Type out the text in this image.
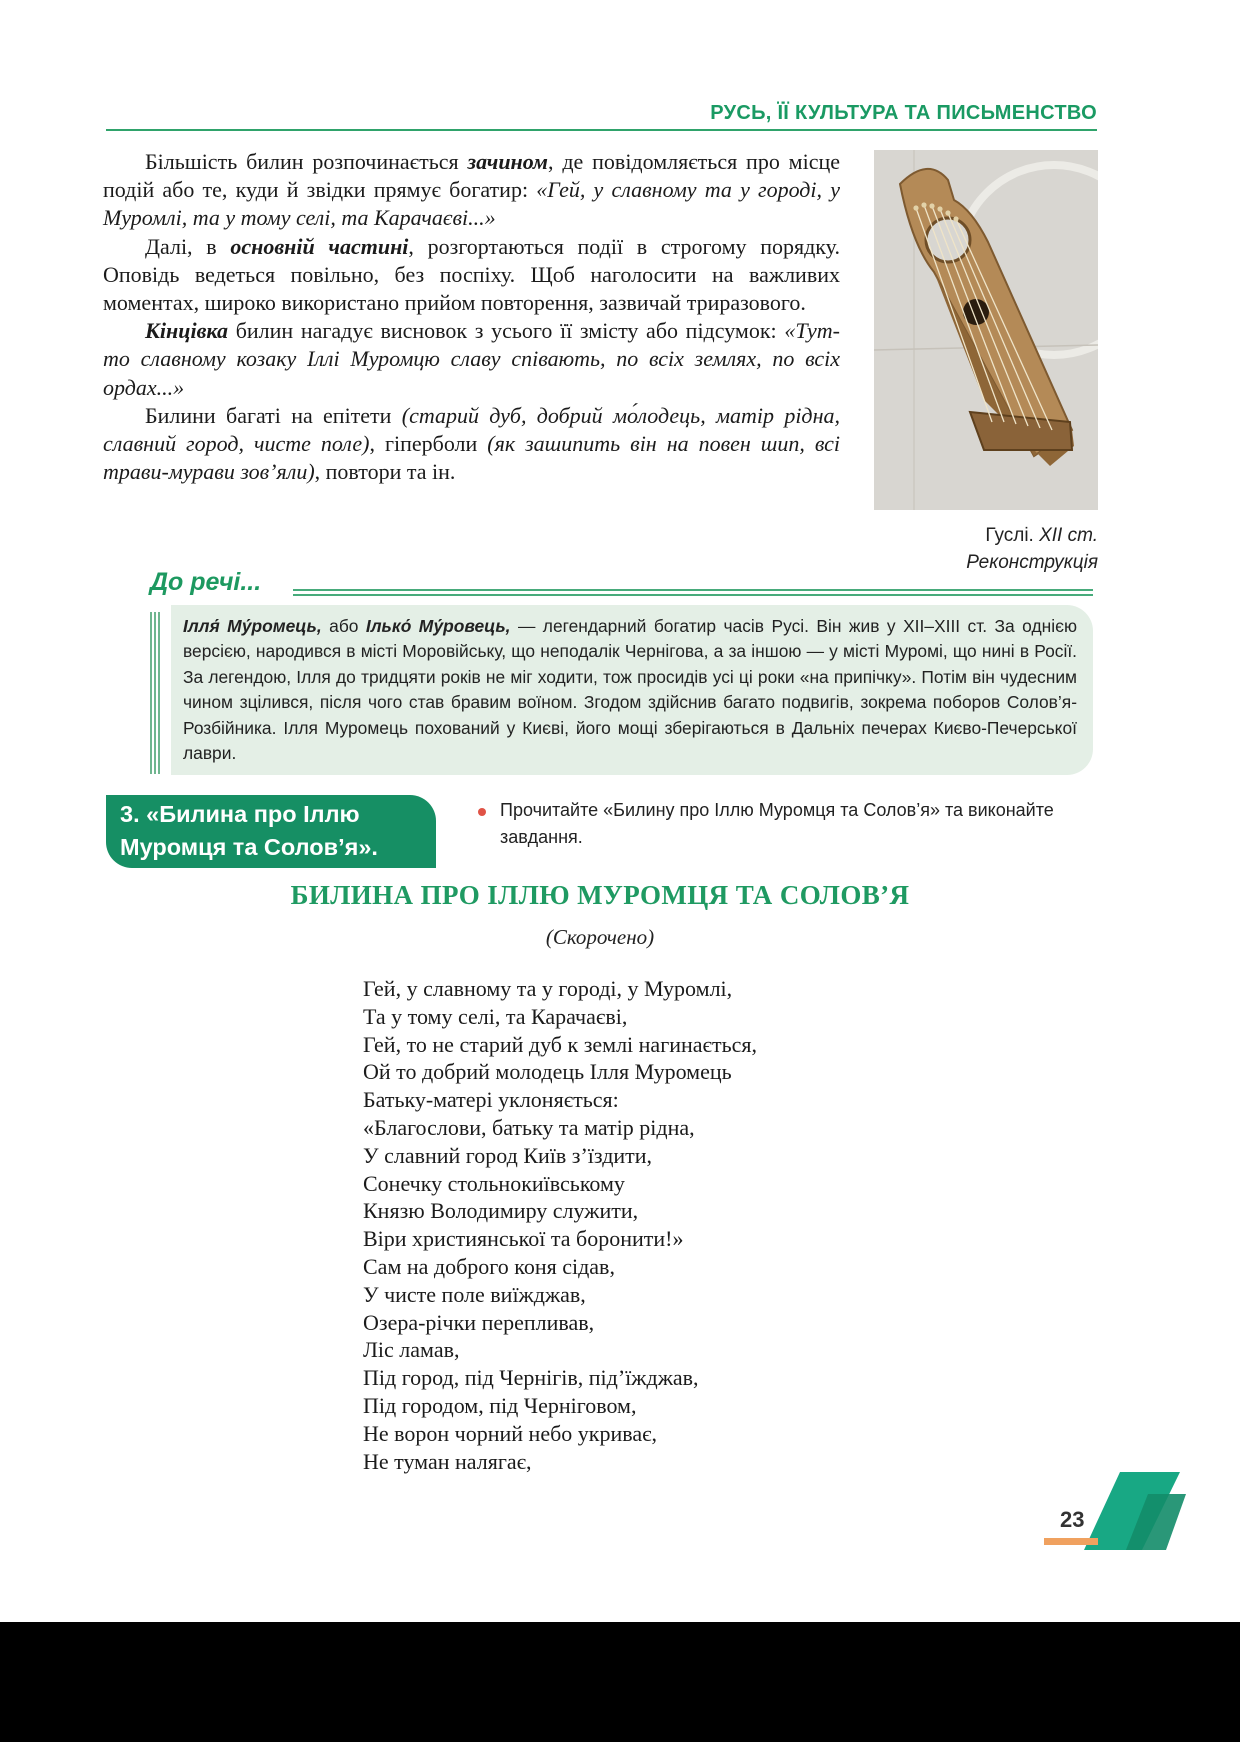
РУСЬ, ЇЇ КУЛЬТУРА ТА ПИСЬМЕНСТВО

Більшість билин розпочинається зачином, де повідомляється про місце подій або те, куди й звідки прямує богатир: «Гей, у славному та у городі, у Муромлі, та у тому селі, та Карачаєві...»

Далі, в основній частині, розгортаються події в строгому порядку. Оповідь ведеться повільно, без поспіху. Щоб наголосити на важливих моментах, широко використано прийом повторення, зазвичай триразового.

Кінцівка билин нагадує висновок з усього її змісту або підсумок: «Тут-то славному козаку Іллі Муромцю славу співають, по всіх землях, по всіх ордах...»

Билини багаті на епітети (старий дуб, добрий мо́лодець, матір рідна, славний город, чисте поле), гіперболи (як зашипить він на повен шип, всі трави-мурави зов’яли), повтори та ін.

Гуслі. XII ст.
Реконструкція
До речі...
Ілля́ Му́ромець, або Ілько́ Му́ровець, — легендарний богатир часів Русі. Він жив у XII–XIII ст. За однією версією, народився в місті Моровійську, що неподалік Чернігова, а за іншою — у місті Муромі, що нині в Росії. За легендою, Ілля до тридцяти років не міг ходити, тож просидів усі ці роки «на припічку». Потім він чудесним чином зцілився, після чого став бравим воїном. Згодом здійснив багато подвигів, зокрема поборов Солов’я-Розбійника. Ілля Муромець похований у Києві, його мощі зберігаються в Дальніх печерах Києво-Печерської лаври.
3. «Билина про Іллю
Муромця та Солов’я».
Прочитайте «Билину про Іллю Муромця та Солов’я» та виконайте завдання.
БИЛИНА ПРО ІЛЛЮ МУРОМЦЯ ТА СОЛОВ’Я
(Скорочено)
Гей, у славному та у городі, у Муромлі,
Та у тому селі, та Карачаєві,
Гей, то не старий дуб к землі нагинається,
Ой то добрий молодець Ілля Муромець
Батьку-матері уклоняється:
«Благослови, батьку та матір рідна,
У славний город Київ з’їздити,
Сонечку стольнокиївському
Князю Володимиру служити,
Віри християнської та боронити!»
Сам на доброго коня сідав,
У чисте поле виїжджав,
Озера-річки перепливав,
Ліс ламав,
Під город, під Чернігів, під’їжджав,
Під городом, під Черніговом,
Не ворон чорний небо укриває,
Не туман налягає,
23
